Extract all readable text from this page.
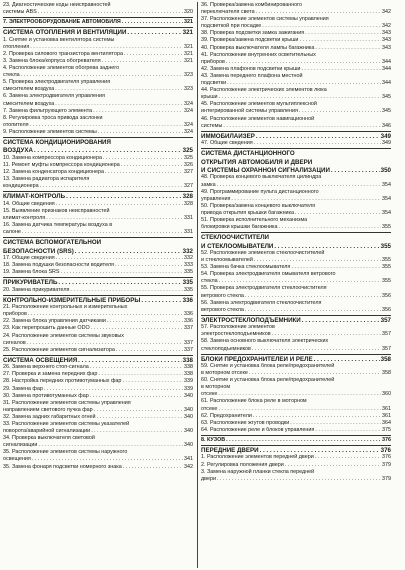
23. Диагностические коды неисправностей
системы ABS . . .	320
7. ЭЛЕКТРООБОРУДОВАНИЕ АВТОМОБИЛЯ . . .	321
СИСТЕМА ОТОПЛЕНИЯ И ВЕНТИЛЯЦИИ . . .	321
1. Снятие и установка вентилятора системы
отопления . . .	321
2. Проверка силового транзистора вентилятора . . .	321
3. Замена блока/корпуса обогревателя . . .	321
4. Расположение элементов обогрева заднего
стекла . . .	323
5. Проверка электродвигателя управления
смесителем воздуха . . .	323
6. Замена электродвигателя управления
смесителем воздуха . . .	324
7. Замена фильтрующего элемента . . .	324
8. Регулировка троса привода заслонки
отопителя . . .	324
9. Расположение элементов системы . . .	324
СИСТЕМА КОНДИЦИОНИРОВАНИЯ
ВОЗДУХА . . .	325
10. Замена компрессора кондиционера . . .	325
11. Ремонт муфты компрессора кондиционера . . .	326
12. Замена конденсатора кондиционера . . .	327
13. Замена радиатора испарителя
кондиционера . . .	327
КЛИМАТ-КОНТРОЛЬ . . .	328
14. Общие сведения . . .	328
15. Выявление признаков неисправностей
климат-контроля . . .	331
16. Замена датчика температуры воздуха в
салоне . . .	331
СИСТЕМА ВСПОМОГАТЕЛЬНОЙ
БЕЗОПАСНОСТИ (SRS) . . .	332
17. Общие сведения . . .	332
18. Замена подушки безопасности водителя . . .	333
19. Замена блока SRS . . .	335
ПРИКУРИВАТЕЛЬ . . .	335
20. Замена прикуривателя . . .	335
КОНТРОЛЬНО-ИЗМЕРИТЕЛЬНЫЕ ПРИБОРЫ . . .	336
21. Расположение контрольных и измерительных
приборов . . .	336
22. Замена блока управления датчиками . . .	336
23. Как перепрошить данные ODO . . .	337
24. Расположение элементов системы звуковых
сигналов . . .	337
25. Расположение элементов сигнализатора . . .	337
СИСТЕМА ОСВЕЩЕНИЯ . . .	338
26. Замена верхнего стоп-сигнала . . .	338
27. Проверка и замена передних фар . . .	338
28. Настройка передних противотуманных фар . . .	339
29. Замена фар . . .	339
30. Замена противотуманных фар . . .	340
31. Расположение элементов системы управления
направлением светового пучка фар . . .	340
32. Замена задних габаритных огней . . .	340
33. Расположение элементов системы указателей
поворота/аварийной сигнализации . . .	340
34. Проверка выключателя световой
сигнализации . . .	340
35. Расположение элементов системы наружного
освещения . . .	341
35. Замена фонаря подсветки номерного знака . . .	342
36. Проверка/замена комбинированного
переключателя света . . .	342
37. Расположение элементов системы управления
подсветкой при посадке . . .	342
38. Проверка подсветки замка зажигания . . .	343
39. Проверка/замена подсветки крыши . . .	343
40. Проверка выключателя лампы багажника . . .	343
41. Расположение внутренних осветительных
приборов . . .	344
42. Замена плафонов подсветки крыши . . .	344
43. Замена переднего плафона местной
подсветки . . .	344
44. Расположение электрических элементов люка
крыши . . .	345
45. Расположение элементов мультиплексной
интегрированной системы управления . . .	345
46. Расположение элементов навигационной
системы . . .	346
ИММОБИЛАЙЗЕР . . .	349
47. Общие сведения . . .	349
СИСТЕМА ДИСТАНЦИОННОГО
ОТКРЫТИЯ АВТОМОБИЛЯ И ДВЕРИ
И СИСТЕМЫ ОХРАННОЙ СИГНАЛИЗАЦИИ . . .	350
48. Проверка концевого выключателя цилиндра
замка . . .	354
49. Программирование пульта дистанционного
управления . . .	354
50. Проверка/замена концевого выключателя
привода открытия крышки багажника . . .	354
51. Проверка исполнительного механизма
блокировки крышки багажника . . .	355
СТЕКЛООЧИСТИТЕЛИ
И СТЕКЛООМЫВАТЕЛИ . . .	355
52. Расположение элементов стеклоочистителей
и стеклоомывателей . . .	355
53. Замена бачка стеклоомывателя . . .	355
54. Проверка электродвигателя омывателя ветрового
стекла . . .	355
55. Проверка электродвигателя стеклоочистителя
ветрового стекла . . .	356
56. Замена электродвигателя стеклоочистителя
ветрового стекла . . .	356
ЭЛЕКТРОСТЕКЛОПОДЪЕМНИКИ . . .	357
57. Расположение элементов
электростеклоподъемников . . .	357
58. Замена основного выключателя электрических
стеклоподъемников . . .	357
БЛОКИ ПРЕДОХРАНИТЕЛЕЙ И РЕЛЕ . . .	358
59. Снятие и установка блока реле/предохранителей
в моторном отсеке . . .	358
60. Снятие и установка блока реле/предохранителей
в моторном
отсеке . . .	360
61. Расположение блока реле в моторном
отсеке . . .	361
62. Предохранители . . .	361
63. Расположение жгутов проводки . . .	364
64. Расположение реле и блоков управления . . .	375
8. КУЗОВ . . .	376
ПЕРЕДНИЕ ДВЕРИ . . .	376
1. Расположение элементов передней двери . . .	376
2. Регулировка положения двери . . .	379
3. Замена наружной планки стекла передней
двери . . .	379
